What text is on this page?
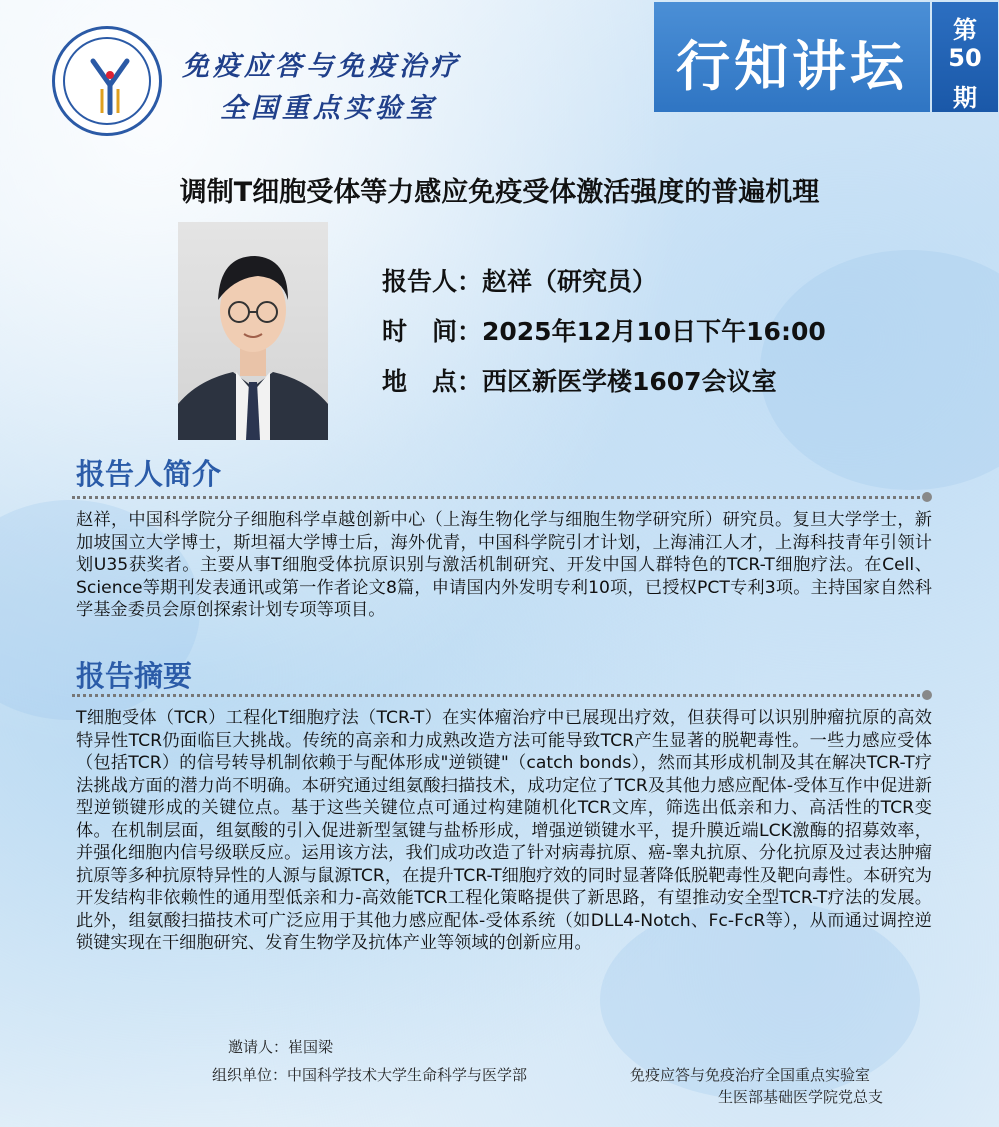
免疫应答与免疫治疗
全国重点实验室
行知讲坛
第
50
期
调制T细胞受体等力感应免疫受体激活强度的普遍机理
报告人：赵祥（研究员）
时　间：2025年12月10日下午16:00
地　点：西区新医学楼1607会议室
报告人简介
赵祥，中国科学院分子细胞科学卓越创新中心（上海生物化学与细胞生物学研究所）研究员。复旦大学学士，新加坡国立大学博士，斯坦福大学博士后，海外优青，中国科学院引才计划，上海浦江人才，上海科技青年引领计划U35获奖者。主要从事T细胞受体抗原识别与激活机制研究、开发中国人群特色的TCR-T细胞疗法。在Cell、Science等期刊发表通讯或第一作者论文8篇，申请国内外发明专利10项，已授权PCT专利3项。主持国家自然科学基金委员会原创探索计划专项等项目。
报告摘要
T细胞受体（TCR）工程化T细胞疗法（TCR-T）在实体瘤治疗中已展现出疗效，但获得可以识别肿瘤抗原的高效特异性TCR仍面临巨大挑战。传统的高亲和力成熟改造方法可能导致TCR产生显著的脱靶毒性。一些力感应受体（包括TCR）的信号转导机制依赖于与配体形成"逆锁键"（catch bonds），然而其形成机制及其在解决TCR-T疗法挑战方面的潜力尚不明确。本研究通过组氨酸扫描技术，成功定位了TCR及其他力感应配体-受体互作中促进新型逆锁键形成的关键位点。基于这些关键位点可通过构建随机化TCR文库，筛选出低亲和力、高活性的TCR变体。在机制层面，组氨酸的引入促进新型氢键与盐桥形成，增强逆锁键水平，提升膜近端LCK激酶的招募效率，并强化细胞内信号级联反应。运用该方法，我们成功改造了针对病毒抗原、癌-睾丸抗原、分化抗原及过表达肿瘤抗原等多种抗原特异性的人源与鼠源TCR，在提升TCR-T细胞疗效的同时显著降低脱靶毒性及靶向毒性。本研究为开发结构非依赖性的通用型低亲和力-高效能TCR工程化策略提供了新思路，有望推动安全型TCR-T疗法的发展。此外，组氨酸扫描技术可广泛应用于其他力感应配体-受体系统（如DLL4-Notch、Fc-FcR等），从而通过调控逆锁键实现在干细胞研究、发育生物学及抗体产业等领域的创新应用。
邀请人：崔国梁
组织单位：中国科学技术大学生命科学与医学部	免疫应答与免疫治疗全国重点实验室
生医部基础医学院党总支
